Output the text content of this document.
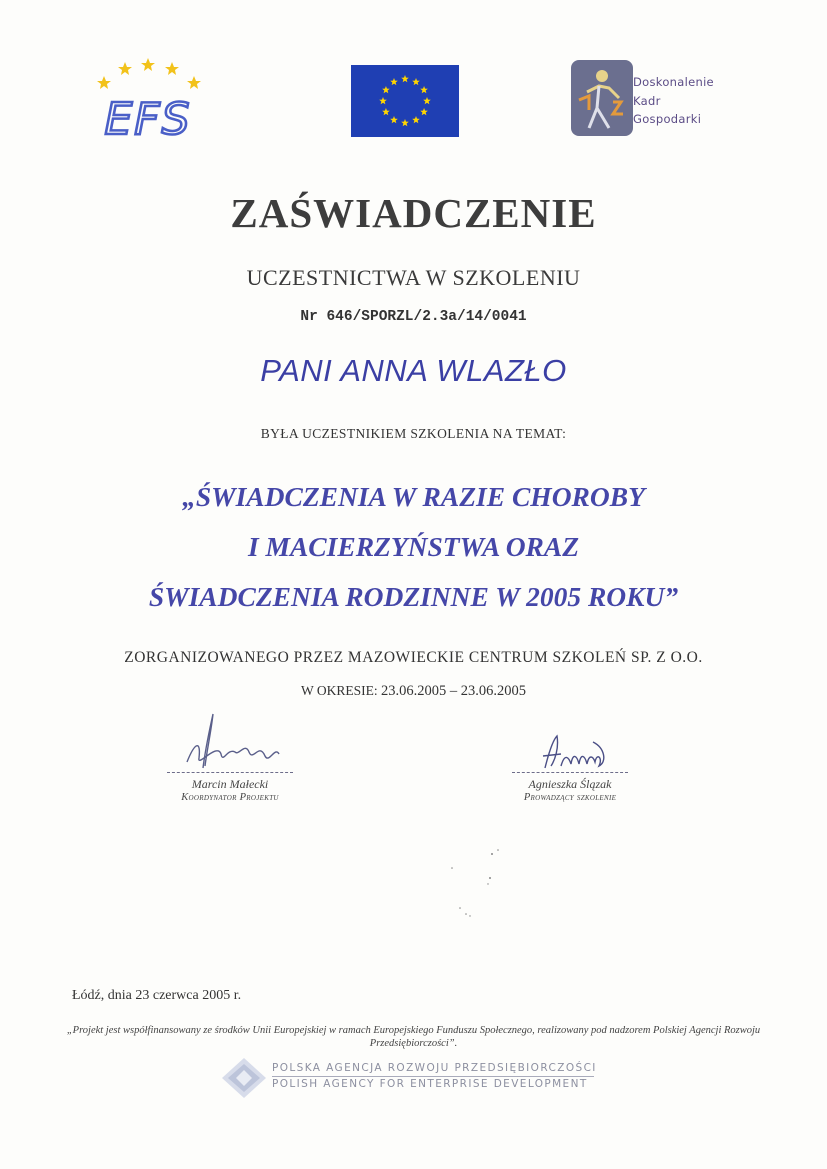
EFS
Doskonalenie
Kadr
Gospodarki
ZAŚWIADCZENIE
UCZESTNICTWA W SZKOLENIU
Nr 646/SPORZL/2.3a/14/0041
PANI ANNA WLAZŁO
BYŁA UCZESTNIKIEM SZKOLENIA NA TEMAT:
„ŚWIADCZENIA W RAZIE CHOROBY
I MACIERZYŃSTWA ORAZ
ŚWIADCZENIA RODZINNE W 2005 ROKU”
ZORGANIZOWANEGO PRZEZ MAZOWIECKIE CENTRUM SZKOLEŃ SP. Z O.O.
W OKRESIE: 23.06.2005 – 23.06.2005
Marcin Małecki
Koordynator Projektu
Agnieszka Ślązak
Prowadzący szkolenie
Łódź, dnia 23 czerwca 2005 r.
„Projekt jest współfinansowany ze środków Unii Europejskiej w ramach Europejskiego Funduszu Społecznego, realizowany pod nadzorem Polskiej Agencji Rozwoju Przedsiębiorczości”.
POLSKA AGENCJA ROZWOJU PRZEDSIĘBIORCZOŚCI
POLISH AGENCY FOR ENTERPRISE DEVELOPMENT
